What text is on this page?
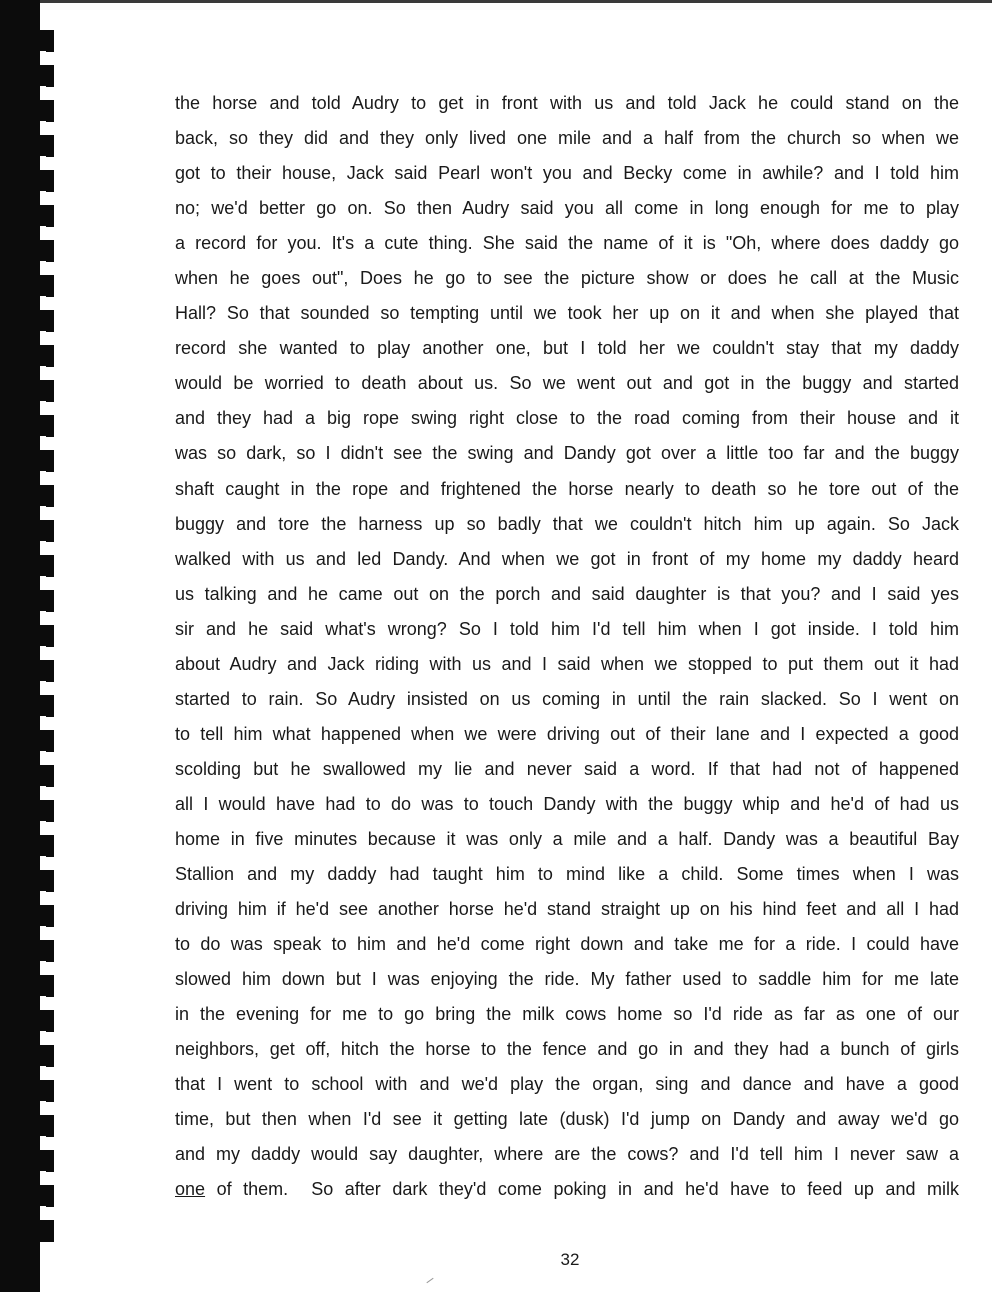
the horse and told Audry to get in front with us and told Jack he could stand on the
back, so they did and they only lived one mile and a half from the church so when we
got to their house, Jack said Pearl won't you and Becky come in awhile? and I told him
no; we'd better go on. So then Audry said you all come in long enough for me to play
a record for you. It's a cute thing. She said the name of it is "Oh, where does daddy go
when he goes out", Does he go to see the picture show or does he call at the Music
Hall? So that sounded so tempting until we took her up on it and when she played that
record she wanted to play another one, but I told her we couldn't stay that my daddy
would be worried to death about us. So we went out and got in the buggy and started
and they had a big rope swing right close to the road coming from their house and it
was so dark, so I didn't see the swing and Dandy got over a little too far and the buggy
shaft caught in the rope and frightened the horse nearly to death so he tore out of the
buggy and tore the harness up so badly that we couldn't hitch him up again. So Jack
walked with us and led Dandy. And when we got in front of my home my daddy heard
us talking and he came out on the porch and said daughter is that you? and I said yes
sir and he said what's wrong? So I told him I'd tell him when I got inside. I told him
about Audry and Jack riding with us and I said when we stopped to put them out it had
started to rain. So Audry insisted on us coming in until the rain slacked. So I went on
to tell him what happened when we were driving out of their lane and I expected a good
scolding but he swallowed my lie and never said a word. If that had not of happened
all I would have had to do was to touch Dandy with the buggy whip and he'd of had us
home in five minutes because it was only a mile and a half. Dandy was a beautiful Bay
Stallion and my daddy had taught him to mind like a child. Some times when I was
driving him if he'd see another horse he'd stand straight up on his hind feet and all I had
to do was speak to him and he'd come right down and take me for a ride. I could have
slowed him down but I was enjoying the ride. My father used to saddle him for me late
in the evening for me to go bring the milk cows home so I'd ride as far as one of our
neighbors, get off, hitch the horse to the fence and go in and they had a bunch of girls
that I went to school with and we'd play the organ, sing and dance and have a good
time, but then when I'd see it getting late (dusk) I'd jump on Dandy and away we'd go
and my daddy would say daughter, where are the cows? and I'd tell him I never saw a
one of them.  So after dark they'd come poking in and he'd have to feed up and milk
32
